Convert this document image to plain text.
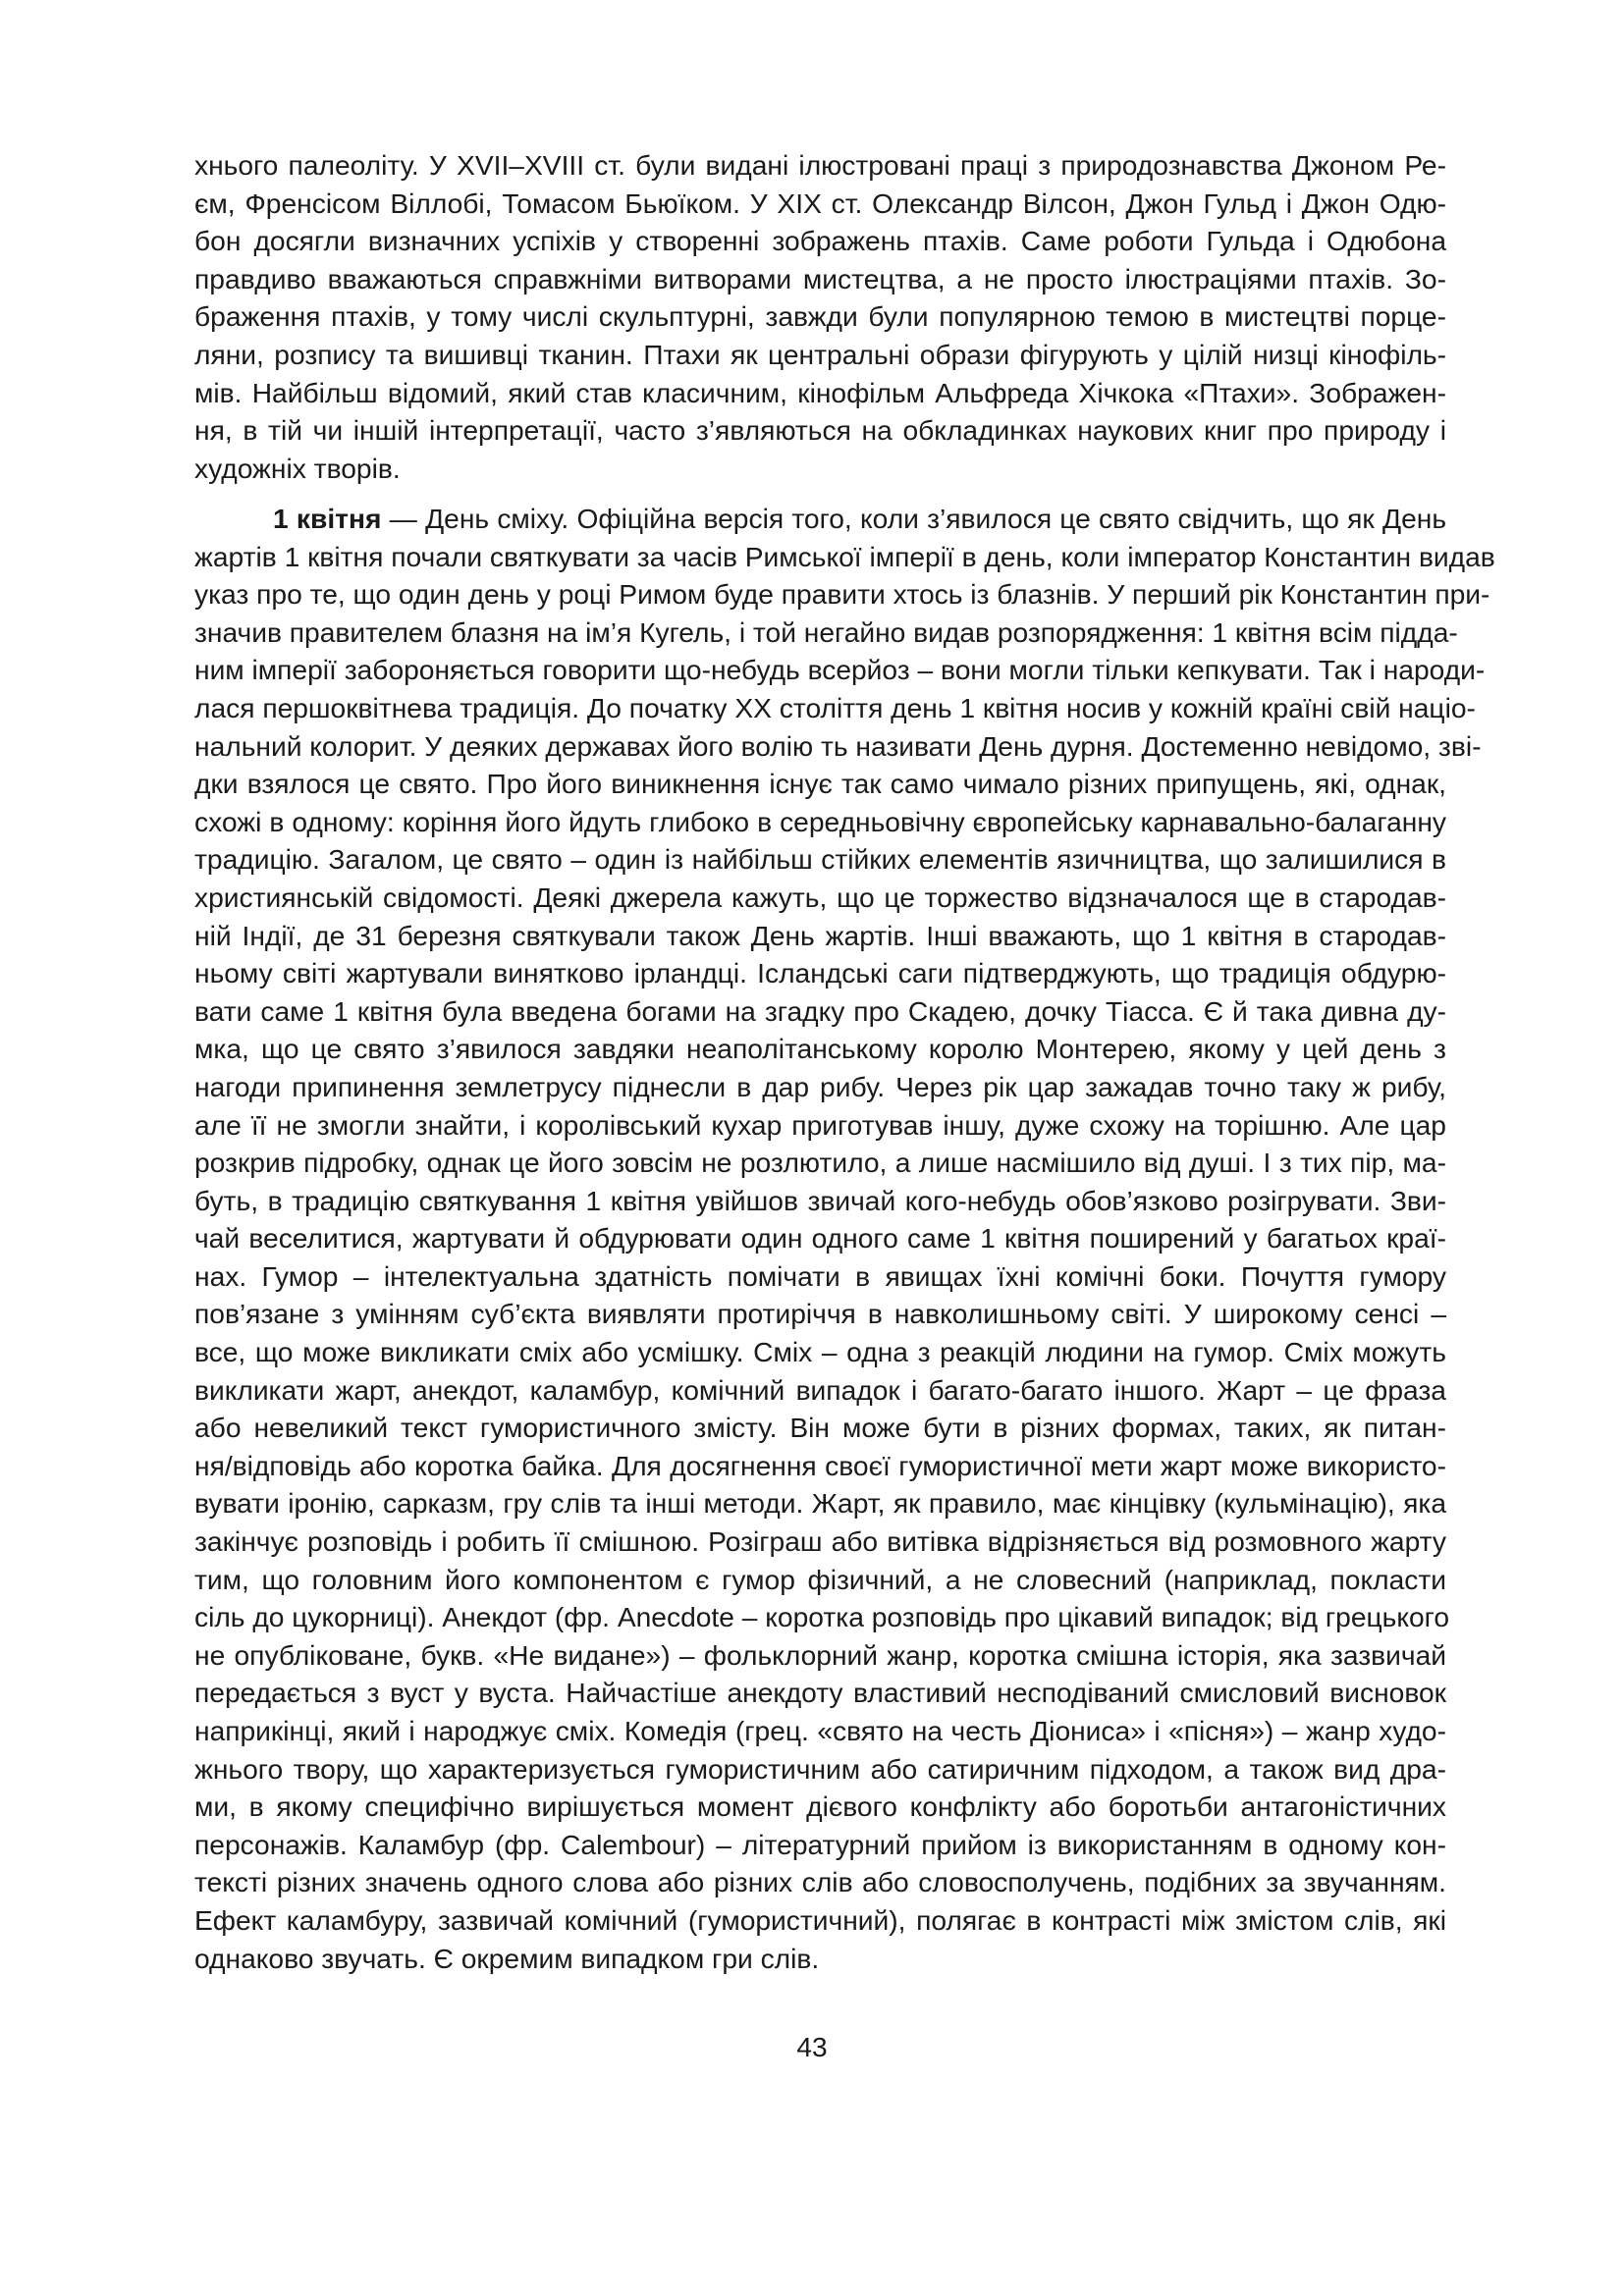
хнього палеоліту. У XVII–XVIII ст. були видані ілюстровані праці з природознавства Джоном Ре-
єм, Френсісом Віллобі, Томасом Бьюїком. У XIX ст. Олександр Вілсон, Джон Гульд і Джон Одю-
бон досягли визначних успіхів у створенні зображень птахів. Саме роботи Гульда і Одюбона
правдиво вважаються справжніми витворами мистецтва, а не просто ілюстраціями птахів. Зо-
браження птахів, у тому числі скульптурні, завжди були популярною темою в мистецтві порце-
ляни, розпису та вишивці тканин. Птахи як центральні образи фігурують у цілій низці кінофіль-
мів. Найбільш відомий, який став класичним, кінофільм Альфреда Хічкока «Птахи». Зображен-
ня, в тій чи іншій інтерпретації, часто з’являються на обкладинках наукових книг про природу і
художніх творів.
1 квітня — День сміху. Офіційна версія того, коли з’явилося це свято свідчить, що як День
жартів 1 квітня почали святкувати за часів Римської імперії в день, коли імператор Константин видав
указ про те, що один день у році Римом буде правити хтось із блазнів. У перший рік Константин при-
значив правителем блазня на ім’я Кугель, і той негайно видав розпорядження: 1 квітня всім підда-
ним імперії забороняється говорити що-небудь всерйоз – вони могли тільки кепкувати. Так і народи-
лася першоквітнева традиція. До початку XX століття день 1 квітня носив у кожній країні свій націо-
нальний колорит. У деяких державах його волію ть називати День дурня. Достеменно невідомо, зві-
дки взялося це свято. Про його виникнення існує так само чимало різних припущень, які, однак,
схожі в одному: коріння його йдуть глибоко в середньовічну європейську карнавально-балаганну
традицію. Загалом, це свято – один із найбільш стійких елементів язичництва, що залишилися в
християнській свідомості. Деякі джерела кажуть, що це торжество відзначалося ще в стародав-
ній Індії, де 31 березня святкували також День жартів. Інші вважають, що 1 квітня в стародав-
ньому світі жартували винятково ірландці. Ісландські саги підтверджують, що традиція обдурю-
вати саме 1 квітня була введена богами на згадку про Скадею, дочку Тіасса. Є й така дивна ду-
мка, що це свято з’явилося завдяки неаполітанському королю Монтерею, якому у цей день з
нагоди припинення землетрусу піднесли в дар рибу. Через рік цар зажадав точно таку ж рибу,
але її не змогли знайти, і королівський кухар приготував іншу, дуже схожу на торішню. Але цар
розкрив підробку, однак це його зовсім не розлютило, а лише насмішило від душі. І з тих пір, ма-
буть, в традицію святкування 1 квітня увійшов звичай кого-небудь обов’язково розігрувати. Зви-
чай веселитися, жартувати й обдурювати один одного саме 1 квітня поширений у багатьох краї-
нах. Гумор – інтелектуальна здатність помічати в явищах їхні комічні боки. Почуття гумору
пов’язане з умінням суб’єкта виявляти протиріччя в навколишньому світі. У широкому сенсі –
все, що може викликати сміх або усмішку. Сміх – одна з реакцій людини на гумор. Сміх можуть
викликати жарт, анекдот, каламбур, комічний випадок і багато-багато іншого. Жарт – це фраза
або невеликий текст гумористичного змісту. Він може бути в різних формах, таких, як питан-
ня/відповідь або коротка байка. Для досягнення своєї гумористичної мети жарт може використо-
вувати іронію, сарказм, гру слів та інші методи. Жарт, як правило, має кінцівку (кульмінацію), яка
закінчує розповідь і робить її смішною. Розіграш або витівка відрізняється від розмовного жарту
тим, що головним його компонентом є гумор фізичний, а не словесний (наприклад, покласти
сіль до цукорниці). Анекдот (фр. Anecdote – коротка розповідь про цікавий випадок; від грецького
не опубліковане, букв. «Не видане») – фольклорний жанр, коротка смішна історія, яка зазвичай
передається з вуст у вуста. Найчастіше анекдоту властивий несподіваний смисловий висновок
наприкінці, який і народжує сміх. Комедія (грец. «свято на честь Діониса» і «пісня») – жанр худо-
жнього твору, що характеризується гумористичним або сатиричним підходом, а також вид дра-
ми, в якому специфічно вирішується момент дієвого конфлікту або боротьби антагоністичних
персонажів. Каламбур (фр. Calembour) – літературний прийом із використанням в одному кон-
тексті різних значень одного слова або різних слів або словосполучень, подібних за звучанням.
Ефект каламбуру, зазвичай комічний (гумористичний), полягає в контрасті між змістом слів, які
однаково звучать. Є окремим випадком гри слів.
43
